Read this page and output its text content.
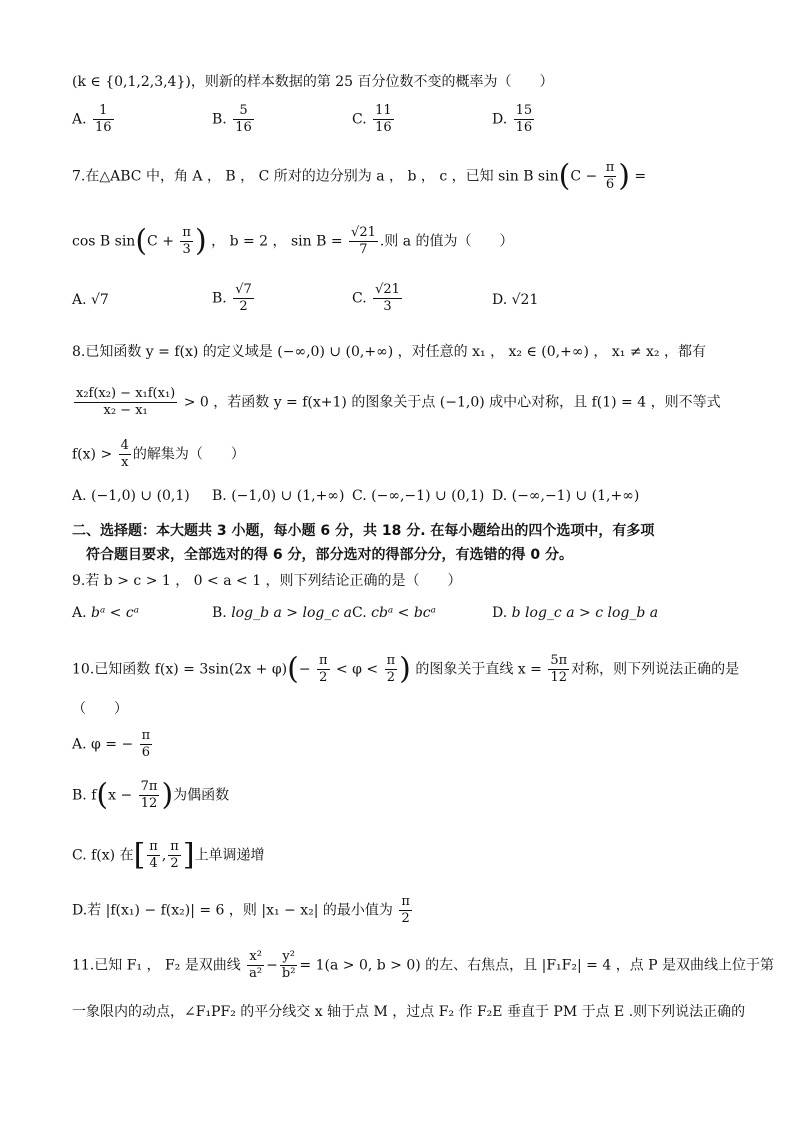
(k ∈ {0,1,2,3,4})，则新的样本数据的第 25 百分位数不变的概率为（　　）
A. $\frac{1}{16}$	B. $\frac{5}{16}$	C. $\frac{11}{16}$	D. $\frac{15}{16}$
7.在△ABC 中，角 A ， B ， C 所对的边分别为 a ， b ， c ，已知 sin B $\sin(C - \frac{\pi}{6}$ ) =
cos B $\sin(C + \frac{\pi}{3}$ ) ， b = 2 ， $\sin B = \frac{√21}{7}$ .则 a 的值为（　　）
A. √7	B. $\frac{√7}{2}$	C. $\frac{√21}{3}$	D. √21
8.已知函数 y = f(x) 的定义域是 (−∞,0) ∪ (0,+∞) ，对任意的 x₁ ， x₂ ∈ (0,+∞) ， x₁ ≠ x₂ ，都有
$\frac{\text{x₂f(x₂) − x₁f(x₁)}}{\text{x₂ − x₁}} > 0$ ，若函数 y = f(x+1) 的图象关于点 (−1,0) 成中心对称，且 f(1) = 4 ，则不等式
$f(x) > \frac{4}{x}$ 的解集为（　　）
A. (−1,0) ∪ (0,1) B. (−1,0) ∪ (1,+∞) C. (−∞,−1) ∪ (0,1) D. (−∞,−1) ∪ (1,+∞)
二、选择题：本大题共 3 小题，每小题 6 分，共 18 分. 在每小题给出的四个选项中，有多项
符合题目要求，全部选对的得 6 分，部分选对的得部分分，有选错的得 0 分。
9.若 b > c > 1 ， 0 < a < 1 ，则下列结论正确的是（　　）
A. bᵃ < cᵃ	B. log_b a > log_c a C. cbᵃ < bcᵃ	D. b log_c a > c log_b a
10.已知函数 $f(x) = 3\sin(2x + \varphi)(- \frac{\pi}{2} < \varphi < \frac{\pi}{2}$ ) 的图象关于直线 $x = \frac{5\pi}{12}$ 对称，则下列说法正确的是
（　　）
A. φ = − $\frac{\pi}{6}$
B. $f(x - \frac{7\pi}{12}$ )为偶函数
C. f(x) 在[ $\frac{\pi}{4}$ , $\frac{\pi}{2}$ ]上单调递增
D.若 |f(x₁) − f(x₂)| = 6 ，则 |x₁ − x₂| 的最小值为 $\frac{\pi}{2}$
11.已知 F₁ ， F₂ 是双曲线 $\frac{\text{x²}}{\text{a²}} - \frac{\text{y²}}{\text{b²}} = 1(a > 0$, b > 0) 的左、右焦点，且 |F₁F₂| = 4 ，点 P 是双曲线上位于第
一象限内的动点，∠F₁PF₂ 的平分线交 x 轴于点 M ，过点 F₂ 作 F₂E 垂直于 PM 于点 E .则下列说法正确的
